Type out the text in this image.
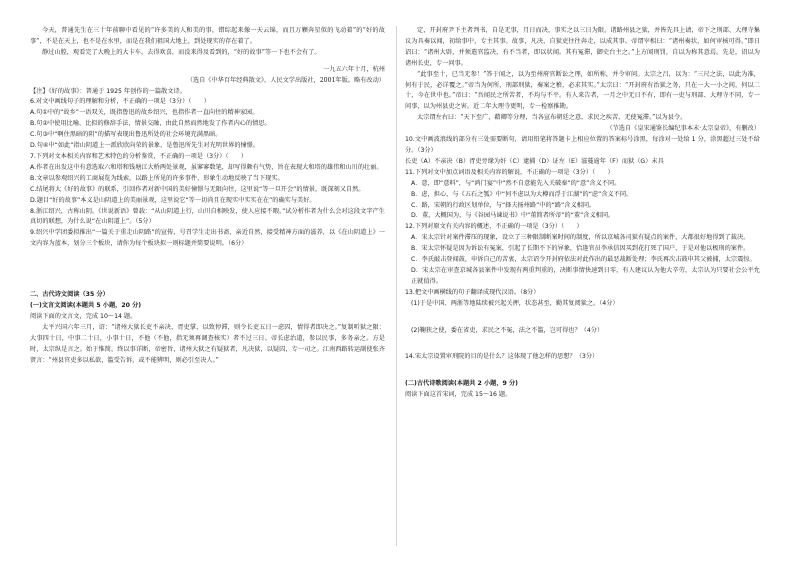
今天，普通先生在三十年前聊中看见的“许多美的人和美的事，错综起来像一天云锦，而且万颗奔星似的飞动着”的“好的故事”，不是在天上，也不是在水里，而是在我们祖国大地上，到处现实的存在着了。

静过山腔，观看完了大晚上的大卡车，去得欢喜，而没来得及看到的，“好的故事”等一下也不会有了。

一九五六年十月，杭州

（选自《中华百年经典散文》，人民文学出版社，2001年版。略有改动）

【注】《好的故事》：普通于 1925 年创作的一篇散文诗。

6.对文中画线句子的理解和分析，不正确的一项是（3分）（　　）

A.句①中的“故乡”一语双关，既指鲁迅的故乡绍兴，也指作者一直向往的精神家园。

B.句②中使用比喻、比拟的修辞手法，情景交融，由此自然而然地发了作者内心的情思。

C.句③中“啊住黑暗的阴”的描写表现出鲁迅所处的社会环境充满黑暗。

D.句④中“如此”指山阴道上一派欣欣向荣的景象，是鲁迅所先生对光明世界的憧憬。

7.下列对文本相关内容和艺术特色的分析鉴赏，不正确的一项是（3分）（　　）

A.作者在出发这中有意选取六和塔和钱塘江大桥两处景观，虽寥寥数笔，却写得颇有气势，旨在表现大和塔的雄伟和山川的壮丽。

B.文章以参观绍兴的工商展览为线索，以路上所见的许多事件，形象生动地反映了当下现实。

C.结尾将大《好的故事》的联系，引回作者对新中国的美好憧憬与无限向往，这里说“等一旦开会”的情景，既深刻又自然。

D.题目“好的故事”本义是山阴道上的美丽景观，这里说它“等一切尚且在现实中实实在在”的确实与美好。

8.浙江绍兴，古称山阴。《世说新语》曾载：“从山阴道上行，山川自相映发，使人应接不暇。”试分析作者为什么会对这段文字产生真切的联想，为什么说“在山阴道上”。（5分）

9.绍兴中学团委拟推出“一篇关于重走山阴路”的宣传，号召学生走出书斋，亲近自然，接受精神方面的滋养，以《在山阴道上》一文内容为蓝本，划分三个板块，请你为每个板块拟一则标题并简要说明。（6分）

二、古代诗文阅读（35 分）

(一)文言文阅读(本题共 5 小题，20 分)

阅读下面的文言文，完成 10～14 题。

太平兴国六年三月，诏：“诸州大狱长吏不亲决，胥吏掌，以致停滞，则令长吏五日一虑囚，情得者即决之。”复制听狱之限：大事四十日，中事二十日，小事十日，不他（不他，指无须再调查核实）者不过三日。帝长虑治道，参以民事，多务亲之。方是时，太宗纵是言之。始于惟简，终以事详断，帝密旨，诸州大狱之有疑狱者，凡决狱，以疑囚，专一司之。江南西路转运副使张齐贤言：“州县官吏多以私欲，滥受告诉，或不能辨明，则必引至决人。”

定，开封府尹下主者判书，自是无事，月日而决，事实之以三日为限。诸路州县之狱，并皆先具上请，帝下之刑部、大理寺集议为具奏以闻，初给事中，专主其事。故事，凡决，自狱吏往往奔走，以成其事。帝谓宰相曰：“诸州奏状，如何审核可得。”即日诏曰：“诸州大辟，并须遣官监决，有不当者，即以状闻。其有冤滞，御史台主之。”上方闻刑罚，自以为称其意焉。先是，诏以为诸州长吏，专一问事。

“此事至十，已当无参！”答于闻之，以为至州府官断讼之理，如所称，并令审问。太宗之吕，以为：“三尺之法，以此为准，何有于民，必详覆之。”帝当为何所，刑部刑狱，奏案之稽，必求其实。”太宗曰：“开封府有治狱之务，只在一大一小之间，何以二十，今在世中也。”帝曰：“吾闻民之所苦者，不均与不平。有人来告者，一月之中无日不有，即有一吏与刑部、大理寺不同，专一问事，以为州县吏之害。近二年大理寺更明，专一检察推勘。

太宗谓左右曰：“天下至广，藉卿等分理，当各宣布朝廷之意，求民之疾苦，无使冤滞。”以为县令。

（节选自《皇宋通鉴长编纪事本末·太宗皇帝》，有删改）

10.文中画波浪线的部分有三处需要断句，请用铅笔将答题卡上相应位置的答案标号涂黑，每涂对一处给 1 分，涂黑超过三处不给分。（3分）

长吏（A）不亲决（B）胥吏旁缘为奸（C）逮捕（D）证左（E）滋蔓逾年（F）而狱（G）未具

11.下列对文中加点词语及相关内容的解说，不正确的一项是（3分）（　　）

A．意，即“意料”，与“鸿门宴”中“然不自意能先入关破秦”的“意”含义不同。

B．虑，担心，与《五石之瓠》中“何不虑以为大樽而浮于江湖”的“虑”含义不同。

C．路，宋朝的行政区划单位，与“择夫扬州路”中的“路”含义相同。

D．董，大概国为，与《谷园马谏说书》中“董简者所帝”的“董”含义相同。

12.下列对原文有关内容的概述，不正确的一项是（3分）（　　）

A．宋太宗针对案件滞压的现象，设立了三种限制断案时间的制度，所以京城各司狱有疑点的案件，大都很好地得到了裁决。

B．宋太宗怀疑是因为诉讼有冤案，引起了长期不下的异象，恰逢官员李承信因买到花打死了国户，于是对他以极刑的案件。

C．李氏敲击登闻鼓，申诉自己的苦衷，太宗诏令开封府依法对此作出的最恶裁断处理；李氏再次击鼓申其父被捕，太宗震惊。

D．宋太宗在审查京城各县案件中发现有两重判重的，决断事情快速到日零，有人建议认为他大辛劳，太宗认为只要社会公平允正就值得。

13.把文中画横线的句子翻译成现代汉语。（8分）

(1)于是中国、两浙等地陆续被兴起关押，状态甚至，勤其复阅狱之。（4分）

(2)鞠狭之使，委在省吏，求民之不冤，法之不滥，岂可得也？（4分）

14.宋太宗设置审刑院的目的是什么？这体现了他怎样的思想？（3分）

(二)古代诗歌阅读(本题共 2 小题，9 分)

阅读下面这首宋词，完成 15～16 题。
